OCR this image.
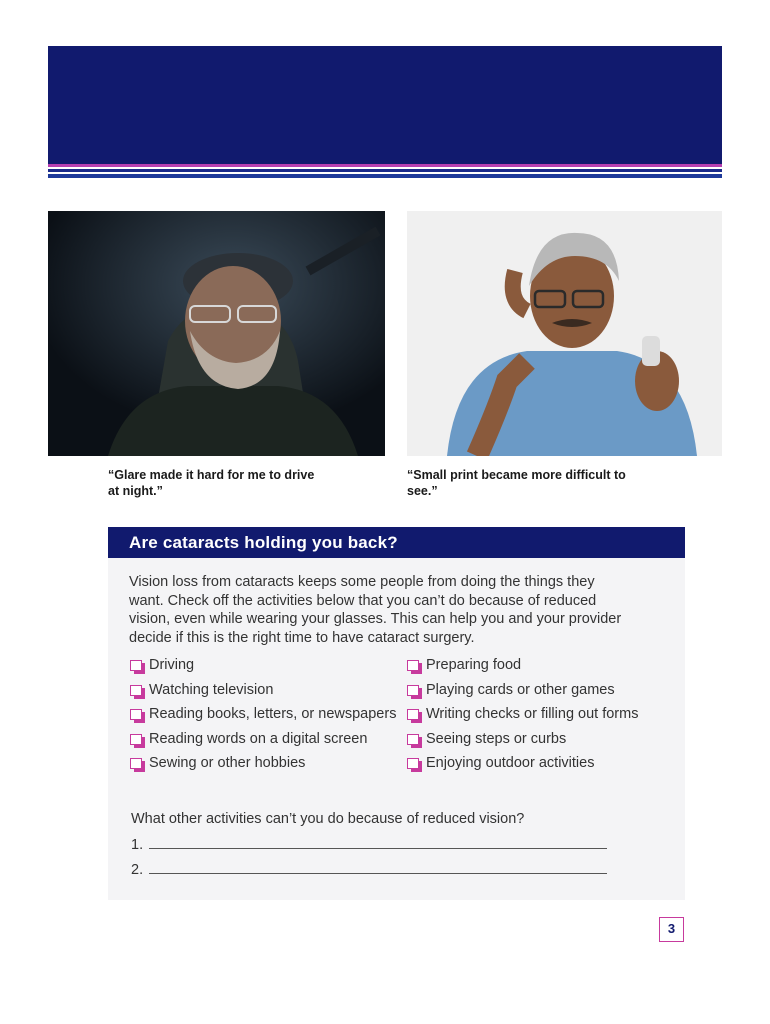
“Glare made it hard for me to drive at night.”

“Small print became more difficult to see.”

Are cataracts holding you back?

Vision loss from cataracts keeps some people from doing the things they want. Check off the activities below that you can’t do because of reduced vision, even while wearing your glasses. This can help you and your provider decide if this is the right time to have cataract surgery.

Driving
Watching television
Reading books, letters, or newspapers
Reading words on a digital screen
Sewing or other hobbies
Preparing food
Playing cards or other games
Writing checks or filling out forms
Seeing steps or curbs
Enjoying outdoor activities

What other activities can’t you do because of reduced vision?

1.
2.
3
